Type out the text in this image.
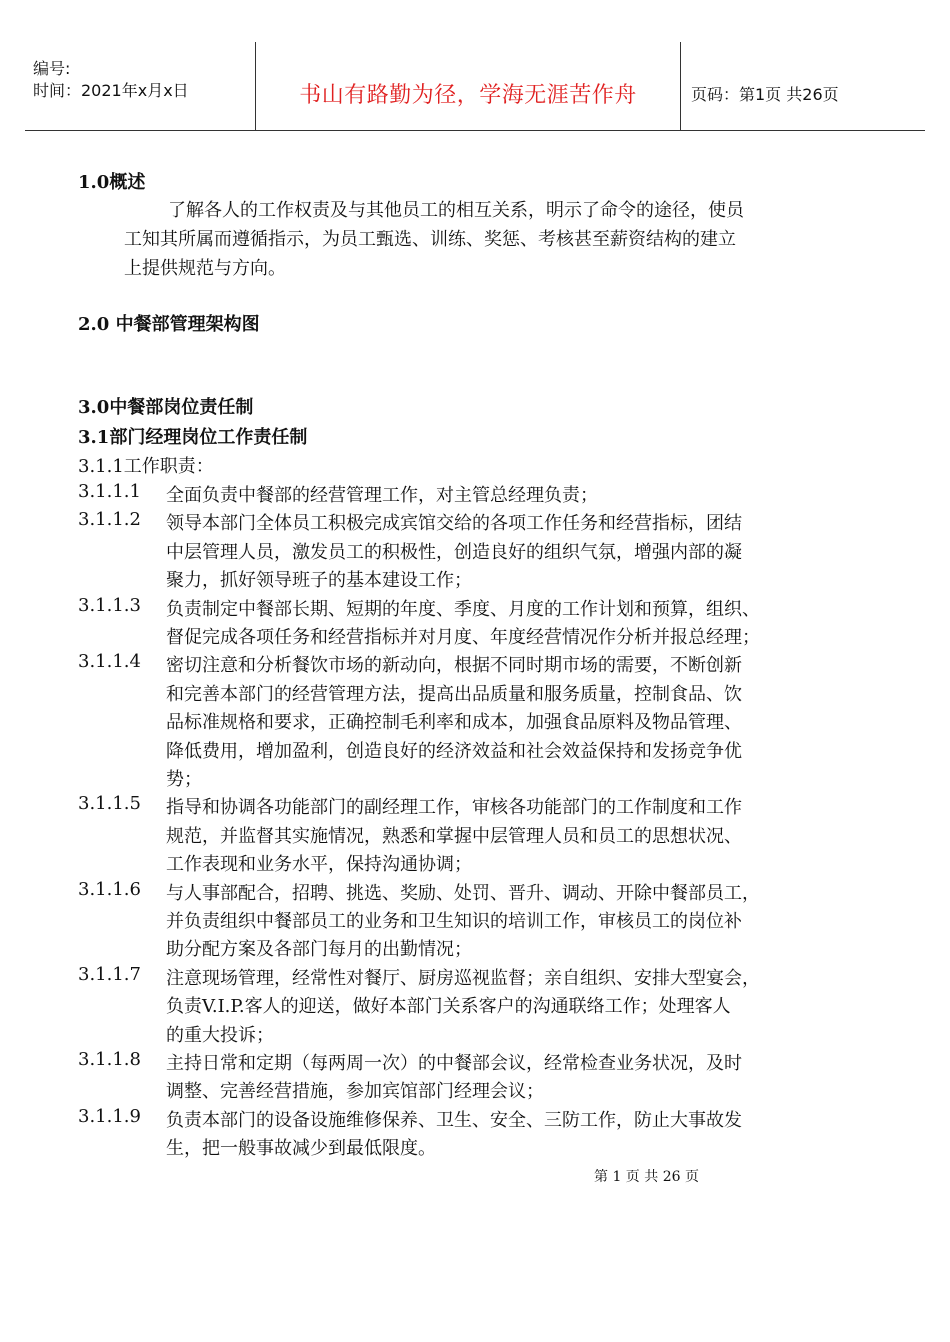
编号:
时间：2021年x月x日	书山有路勤为径，学海无涯苦作舟	页码：第1页 共26页
1.0概述
了解各人的工作权责及与其他员工的相互关系，明示了命令的途径，使员
工知其所属而遵循指示，为员工甄选、训练、奖惩、考核甚至薪资结构的建立
上提供规范与方向。
2.0 中餐部管理架构图
3.0中餐部岗位责任制
3.1部门经理岗位工作责任制
3.1.1工作职责：
3.1.1.1 全面负责中餐部的经营管理工作，对主管总经理负责；
3.1.1.2 领导本部门全体员工积极完成宾馆交给的各项工作任务和经营指标，团结
中层管理人员，激发员工的积极性，创造良好的组织气氛，增强内部的凝
聚力，抓好领导班子的基本建设工作；
3.1.1.3 负责制定中餐部长期、短期的年度、季度、月度的工作计划和预算，组织、
督促完成各项任务和经营指标并对月度、年度经营情况作分析并报总经理；
3.1.1.4 密切注意和分析餐饮市场的新动向，根据不同时期市场的需要，不断创新
和完善本部门的经营管理方法，提高出品质量和服务质量，控制食品、饮
品标准规格和要求，正确控制毛利率和成本，加强食品原料及物品管理、
降低费用，增加盈利，创造良好的经济效益和社会效益保持和发扬竞争优
势；
3.1.1.5 指导和协调各功能部门的副经理工作，审核各功能部门的工作制度和工作
规范，并监督其实施情况，熟悉和掌握中层管理人员和员工的思想状况、
工作表现和业务水平，保持沟通协调；
3.1.1.6 与人事部配合，招聘、挑选、奖励、处罚、晋升、调动、开除中餐部员工，
并负责组织中餐部员工的业务和卫生知识的培训工作，审核员工的岗位补
助分配方案及各部门每月的出勤情况；
3.1.1.7 注意现场管理，经常性对餐厅、厨房巡视监督；亲自组织、安排大型宴会，
负责V.I.P.客人的迎送，做好本部门关系客户的沟通联络工作；处理客人
的重大投诉；
3.1.1.8 主持日常和定期（每两周一次）的中餐部会议，经常检查业务状况，及时
调整、完善经营措施，参加宾馆部门经理会议；
3.1.1.9 负责本部门的设备设施维修保养、卫生、安全、三防工作，防止大事故发
生，把一般事故减少到最低限度。
第 1 页 共 26 页
